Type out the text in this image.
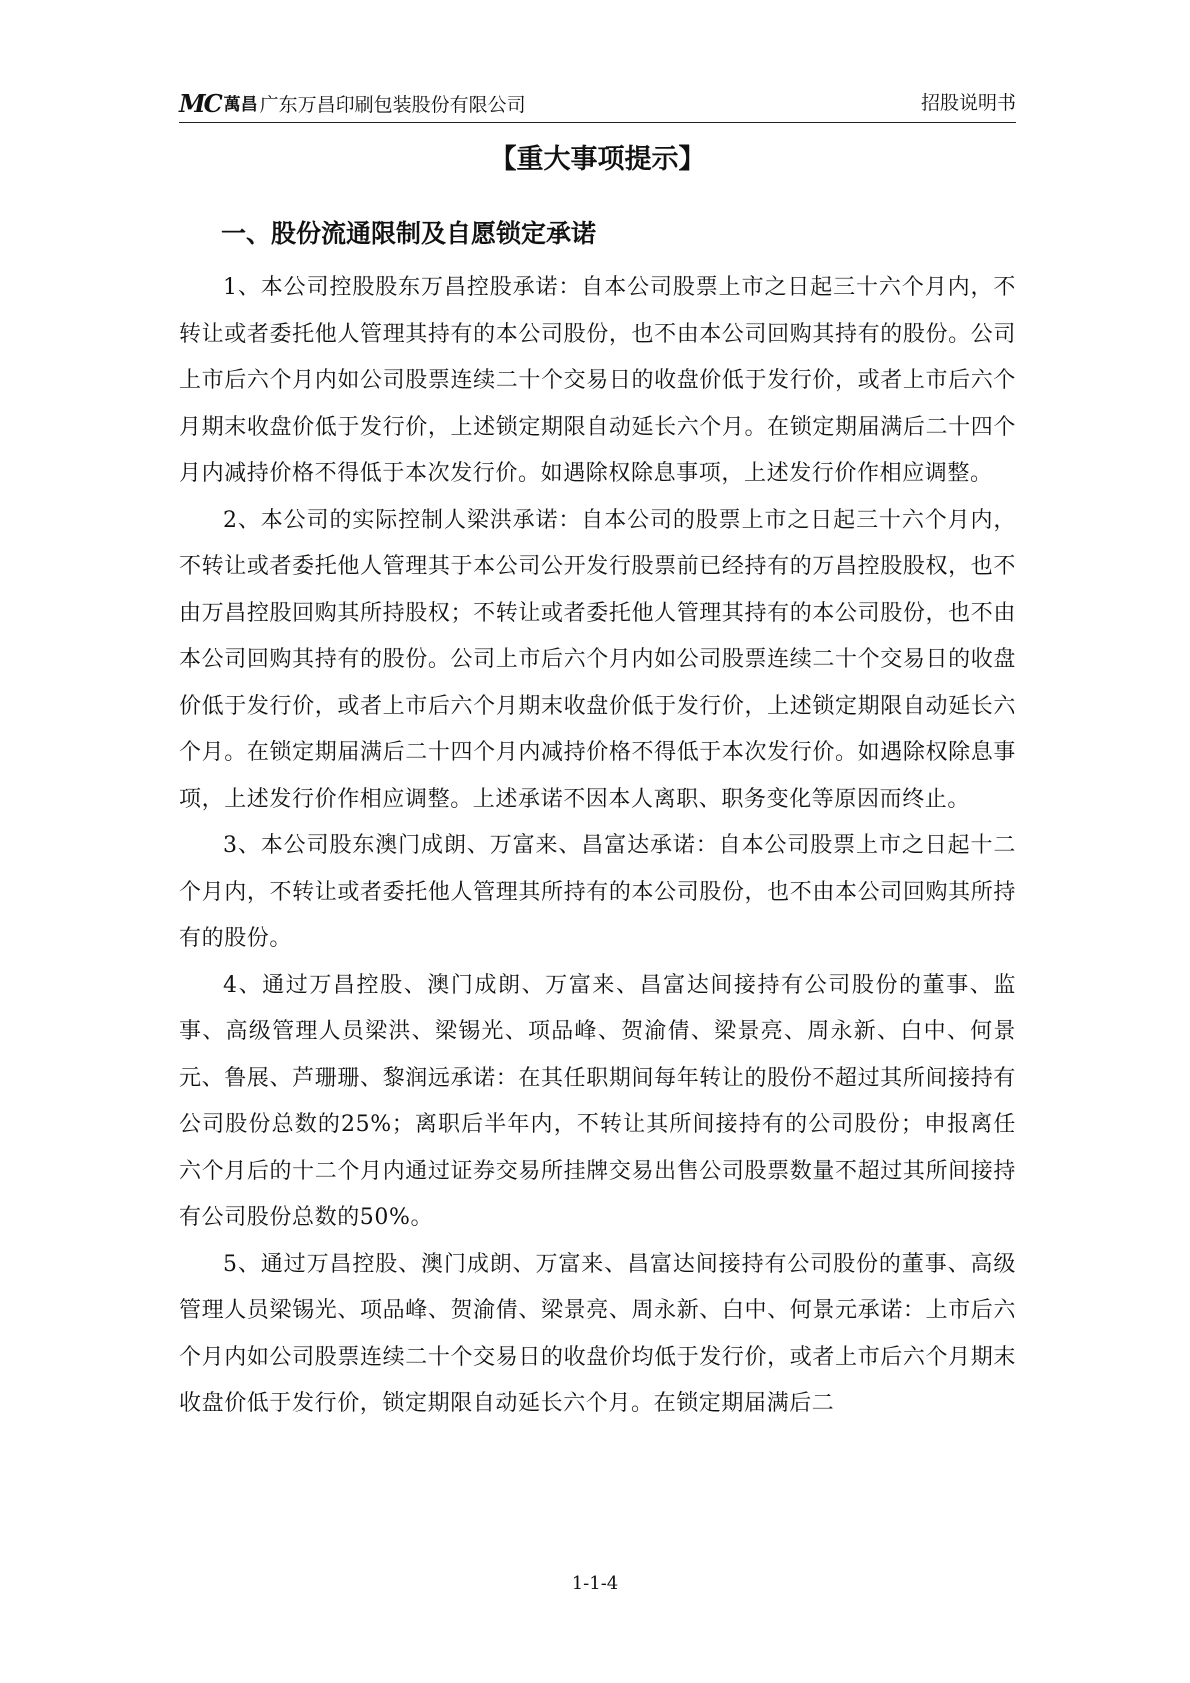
MC 萬昌 广东万昌印刷包装股份有限公司	招股说明书
【重大事项提示】
一、股份流通限制及自愿锁定承诺

1、本公司控股股东万昌控股承诺：自本公司股票上市之日起三十六个月内，不转让或者委托他人管理其持有的本公司股份，也不由本公司回购其持有的股份。公司上市后六个月内如公司股票连续二十个交易日的收盘价低于发行价，或者上市后六个月期末收盘价低于发行价，上述锁定期限自动延长六个月。在锁定期届满后二十四个月内减持价格不得低于本次发行价。如遇除权除息事项，上述发行价作相应调整。

2、本公司的实际控制人梁洪承诺：自本公司的股票上市之日起三十六个月内，不转让或者委托他人管理其于本公司公开发行股票前已经持有的万昌控股股权，也不由万昌控股回购其所持股权；不转让或者委托他人管理其持有的本公司股份，也不由本公司回购其持有的股份。公司上市后六个月内如公司股票连续二十个交易日的收盘价低于发行价，或者上市后六个月期末收盘价低于发行价，上述锁定期限自动延长六个月。在锁定期届满后二十四个月内减持价格不得低于本次发行价。如遇除权除息事项，上述发行价作相应调整。上述承诺不因本人离职、职务变化等原因而终止。

3、本公司股东澳门成朗、万富来、昌富达承诺：自本公司股票上市之日起十二个月内，不转让或者委托他人管理其所持有的本公司股份，也不由本公司回购其所持有的股份。

4、通过万昌控股、澳门成朗、万富来、昌富达间接持有公司股份的董事、监事、高级管理人员梁洪、梁锡光、项品峰、贺渝倩、梁景亮、周永新、白中、何景元、鲁展、芦珊珊、黎润远承诺：在其任职期间每年转让的股份不超过其所间接持有公司股份总数的25%；离职后半年内，不转让其所间接持有的公司股份；申报离任六个月后的十二个月内通过证券交易所挂牌交易出售公司股票数量不超过其所间接持有公司股份总数的50%。

5、通过万昌控股、澳门成朗、万富来、昌富达间接持有公司股份的董事、高级管理人员梁锡光、项品峰、贺渝倩、梁景亮、周永新、白中、何景元承诺：上市后六个月内如公司股票连续二十个交易日的收盘价均低于发行价，或者上市后六个月期末收盘价低于发行价，锁定期限自动延长六个月。在锁定期届满后二

1-1-4
